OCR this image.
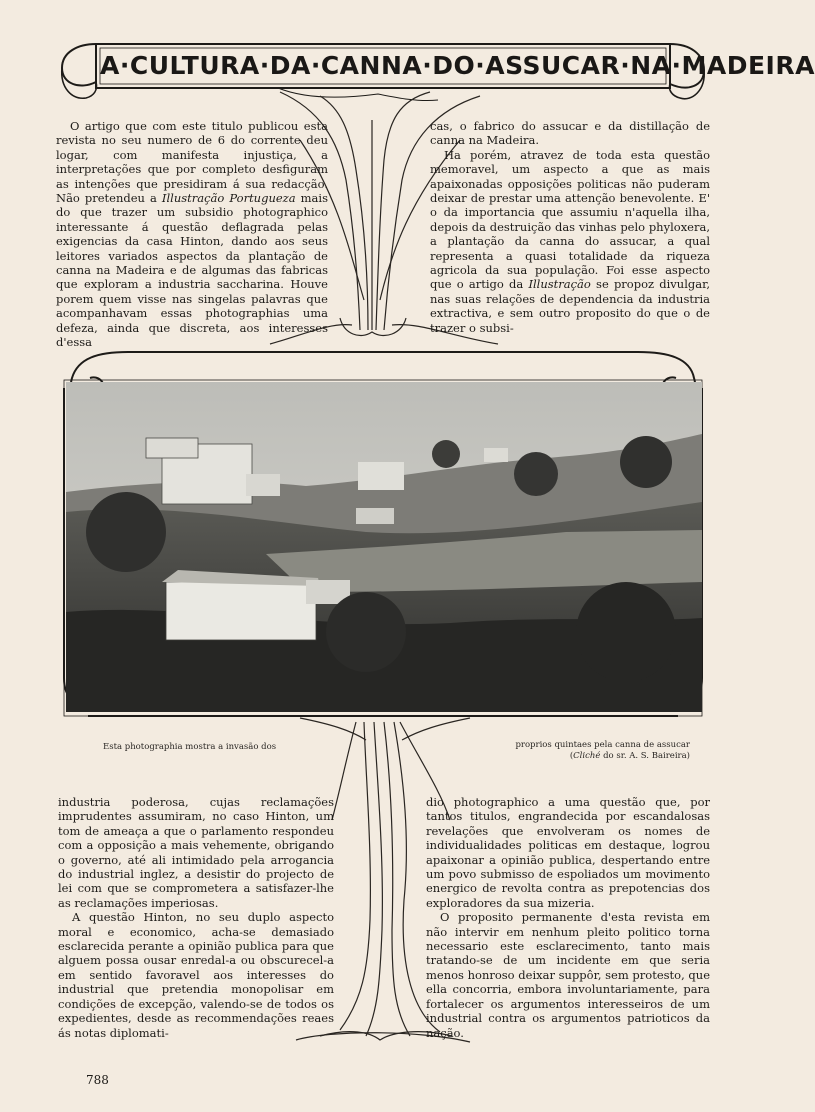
A·CULTURA·DA·CANNA·DO·ASSUCAR·NA·MADEIRA

O artigo que com este titulo publicou esta revista no seu numero de 6 do corrente deu logar, com manifesta injustiça, a interpretações que por completo desfiguram as intenções que presidiram á sua redacção. Não pretendeu a Illustração Portugueza mais do que trazer um subsidio photographico interessante á questão deflagrada pelas exigencias da casa Hinton, dando aos seus leitores variados aspectos da plantação de canna na Madeira e de algumas das fabricas que exploram a industria saccharina. Houve porem quem visse nas singelas palavras que acompanhavam essas photographias uma defeza, ainda que discreta, aos interesses d'essa

cas, o fabrico do assucar e da distillação de canna na Madeira.

Ha porém, atravez de toda esta questão memoravel, um aspecto a que as mais apaixonadas opposições politicas não puderam deixar de prestar uma attenção benevolente. E' o da importancia que assumiu n'aquella ilha, depois da destruição das vinhas pelo phyloxera, a plantação da canna do assucar, a qual representa a quasi totalidade da riqueza agricola da sua população. Foi esse aspecto que o artigo da Illustração se propoz divulgar, nas suas relações de dependencia da industria extractiva, e sem outro proposito do que o de trazer o subsi-

Esta photographia mostra a invasão dos	proprios quintaes pela canna de assucar
(Cliché do sr. A. S. Baireira)

industria poderosa, cujas reclamações imprudentes assumiram, no caso Hinton, um tom de ameaça a que o parlamento respondeu com a opposição a mais vehemente, obrigando o governo, até ali intimidado pela arrogancia do industrial inglez, a desistir do projecto de lei com que se comprometera a satisfazer-lhe as reclamações imperiosas.

A questão Hinton, no seu duplo aspecto moral e economico, acha-se demasiado esclarecida perante a opinião publica para que alguem possa ousar enredal-a ou obscurecel-a em sentido favoravel aos interesses do industrial que pretendia monopolisar em condições de excepção, valendo-se de todos os expedientes, desde as recommendações reaes ás notas diplomati-

dio photographico a uma questão que, por tantos titulos, engrandecida por escandalosas revelações que envolveram os nomes de individualidades politicas em destaque, logrou apaixonar a opinião publica, despertando entre um povo submisso de espoliados um movimento energico de revolta contra as prepotencias dos exploradores da sua mizeria.

O proposito permanente d'esta revista em não intervir em nenhum pleito politico torna necessario este esclarecimento, tanto mais tratando-se de um incidente em que seria menos honroso deixar suppôr, sem protesto, que ella concorria, embora involuntariamente, para fortalecer os argumentos interesseiros de um industrial contra os argumentos patrioticos da nação.

788
